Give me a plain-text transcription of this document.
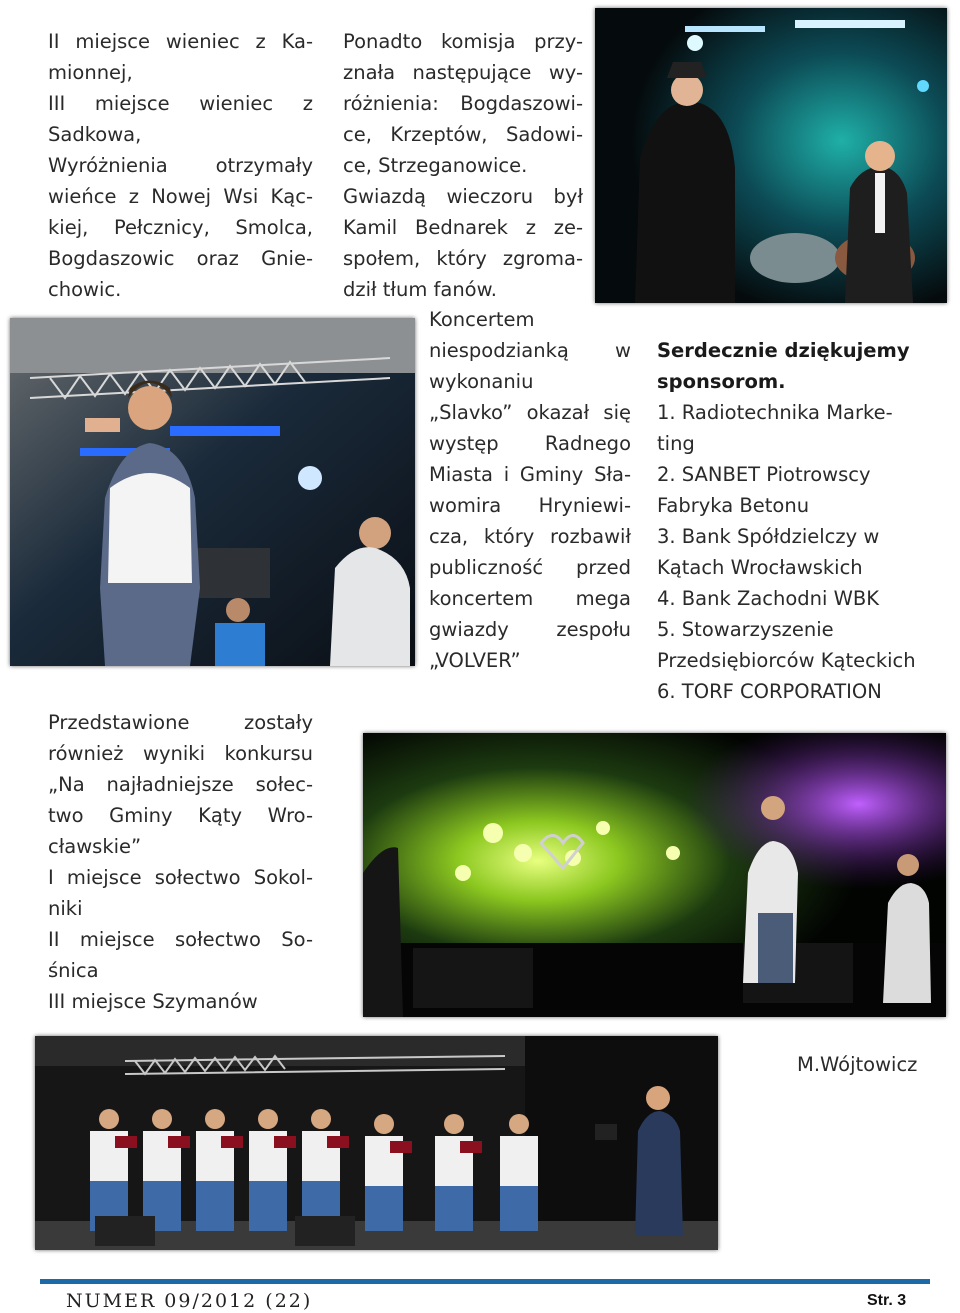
II miejsce wieniec z Ka-
mionnej,
III miejsce wieniec z
Sadkowa,
Wyróżnienia otrzymały
wieńce z Nowej Wsi Kąc-
kiej, Pełcznicy, Smolca,
Bogdaszowic oraz Gnie-
chowic.
Ponadto komisja przy-
znała następujące wy-
różnienia: Bogdaszowi-
ce, Krzeptów, Sadowi-
ce, Strzeganowice.
Gwiazdą wieczoru był
Kamil Bednarek z ze-
społem, który zgroma-
dził tłum fanów.
Koncertem
niespodzianką w
wykonaniu
„Slavko” okazał się
występ Radnego
Miasta i Gminy Sła-
womira Hryniewi-
cza, który rozbawił
publiczność przed
koncertem mega
gwiazdy zespołu
„VOLVER”
Serdecznie dziękujemy
sponsorom.
1. Radiotechnika Marke-
ting
2. SANBET Piotrowscy
Fabryka Betonu
3. Bank Spółdzielczy w
Kątach Wrocławskich
4. Bank Zachodni WBK
5. Stowarzyszenie
Przedsiębiorców Kąteckich
6. TORF CORPORATION
Przedstawione zostały
również wyniki konkursu
„Na najładniejsze sołec-
two Gminy Kąty Wro-
cławskie”
I miejsce sołectwo Sokol-
niki
II miejsce sołectwo So-
śnica
III miejsce Szymanów
M.Wójtowicz
NUMER 09/2012 (22)	Str. 3
